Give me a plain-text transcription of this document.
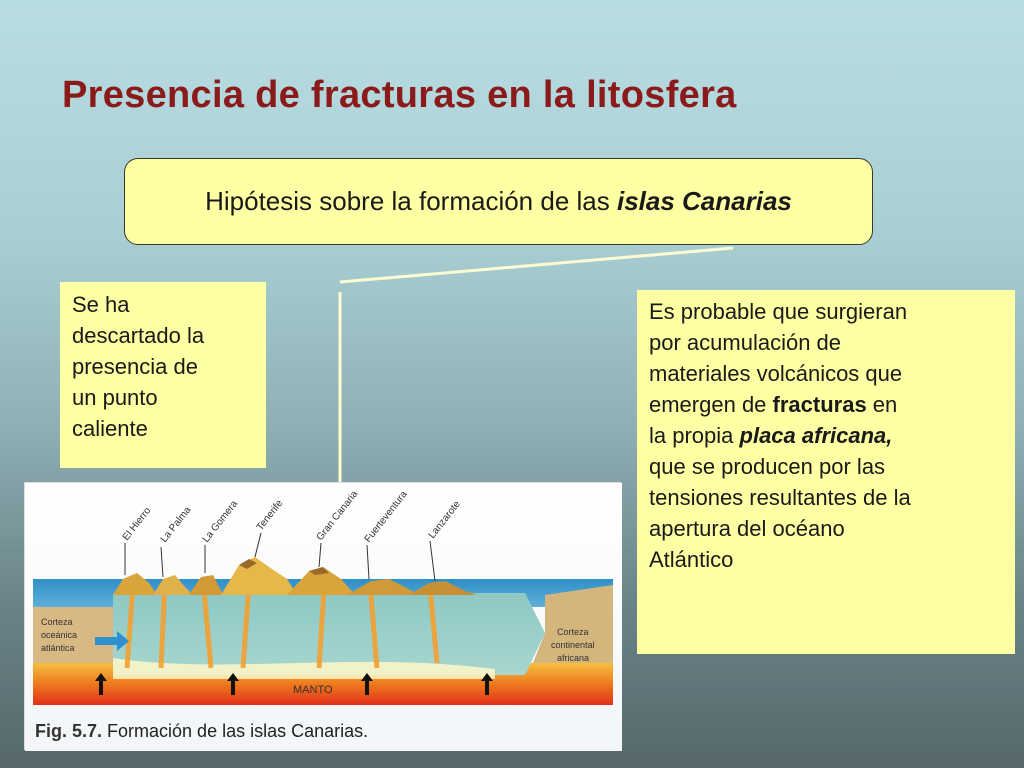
Presencia de fracturas en la litosfera
Hipótesis sobre la formación de las islas Canarias
Se ha
descartado la
presencia de
un punto
caliente
Es probable que surgieran
por acumulación de
materiales volcánicos que
emergen de fracturas en
la propia placa africana,
que se producen por las
tensiones resultantes de la
apertura del océano
Atlántico
El Hierro La Palma La Gomera Tenerife	Gran Canaria Fuerteventura Lanzarote
Corteza
oceánica
atlántica
Corteza
continental
africana
MANTO
Fig. 5.7. Formación de las islas Canarias.
